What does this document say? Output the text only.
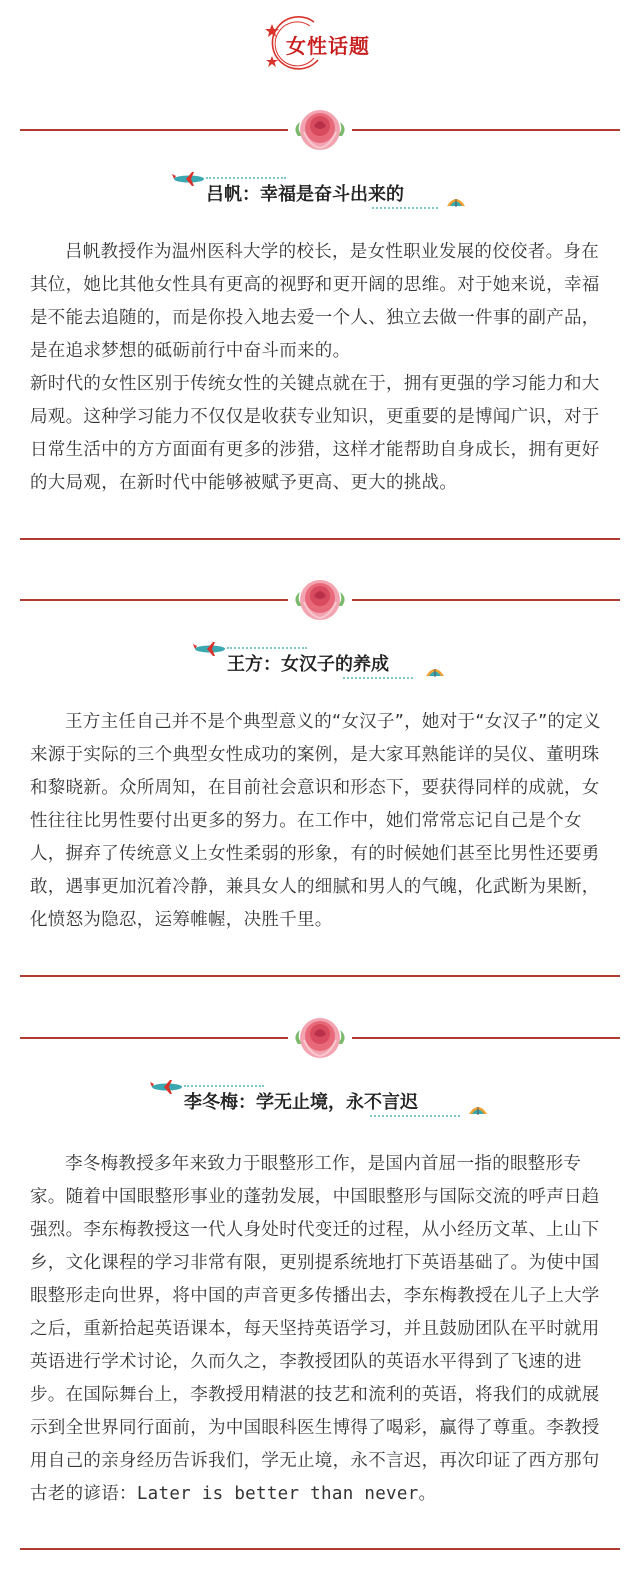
女性话题
吕帆：幸福是奋斗出来的

吕帆教授作为温州医科大学的校长，是女性职业发展的佼佼者。身在其位，她比其他女性具有更高的视野和更开阔的思维。对于她来说，幸福是不能去追随的，而是你投入地去爱一个人、独立去做一件事的副产品，是在追求梦想的砥砺前行中奋斗而来的。

新时代的女性区别于传统女性的关键点就在于，拥有更强的学习能力和大局观。这种学习能力不仅仅是收获专业知识，更重要的是博闻广识，对于日常生活中的方方面面有更多的涉猎，这样才能帮助自身成长，拥有更好的大局观，在新时代中能够被赋予更高、更大的挑战。

王方：女汉子的养成

王方主任自己并不是个典型意义的“女汉子”，她对于“女汉子”的定义来源于实际的三个典型女性成功的案例，是大家耳熟能详的吴仪、董明珠和黎晓新。众所周知，在目前社会意识和形态下，要获得同样的成就，女性往往比男性要付出更多的努力。在工作中，她们常常忘记自己是个女人，摒弃了传统意义上女性柔弱的形象，有的时候她们甚至比男性还要勇敢，遇事更加沉着冷静，兼具女人的细腻和男人的气魄，化武断为果断，化愤怒为隐忍，运筹帷幄，决胜千里。

李冬梅：学无止境，永不言迟

李冬梅教授多年来致力于眼整形工作，是国内首屈一指的眼整形专家。随着中国眼整形事业的蓬勃发展，中国眼整形与国际交流的呼声日趋强烈。李东梅教授这一代人身处时代变迁的过程，从小经历文革、上山下乡，文化课程的学习非常有限，更别提系统地打下英语基础了。为使中国眼整形走向世界，将中国的声音更多传播出去，李东梅教授在儿子上大学之后，重新拾起英语课本，每天坚持英语学习，并且鼓励团队在平时就用英语进行学术讨论，久而久之，李教授团队的英语水平得到了飞速的进步。在国际舞台上，李教授用精湛的技艺和流利的英语，将我们的成就展示到全世界同行面前，为中国眼科医生博得了喝彩，赢得了尊重。李教授用自己的亲身经历告诉我们，学无止境，永不言迟，再次印证了西方那句古老的谚语：Later is better than never。
